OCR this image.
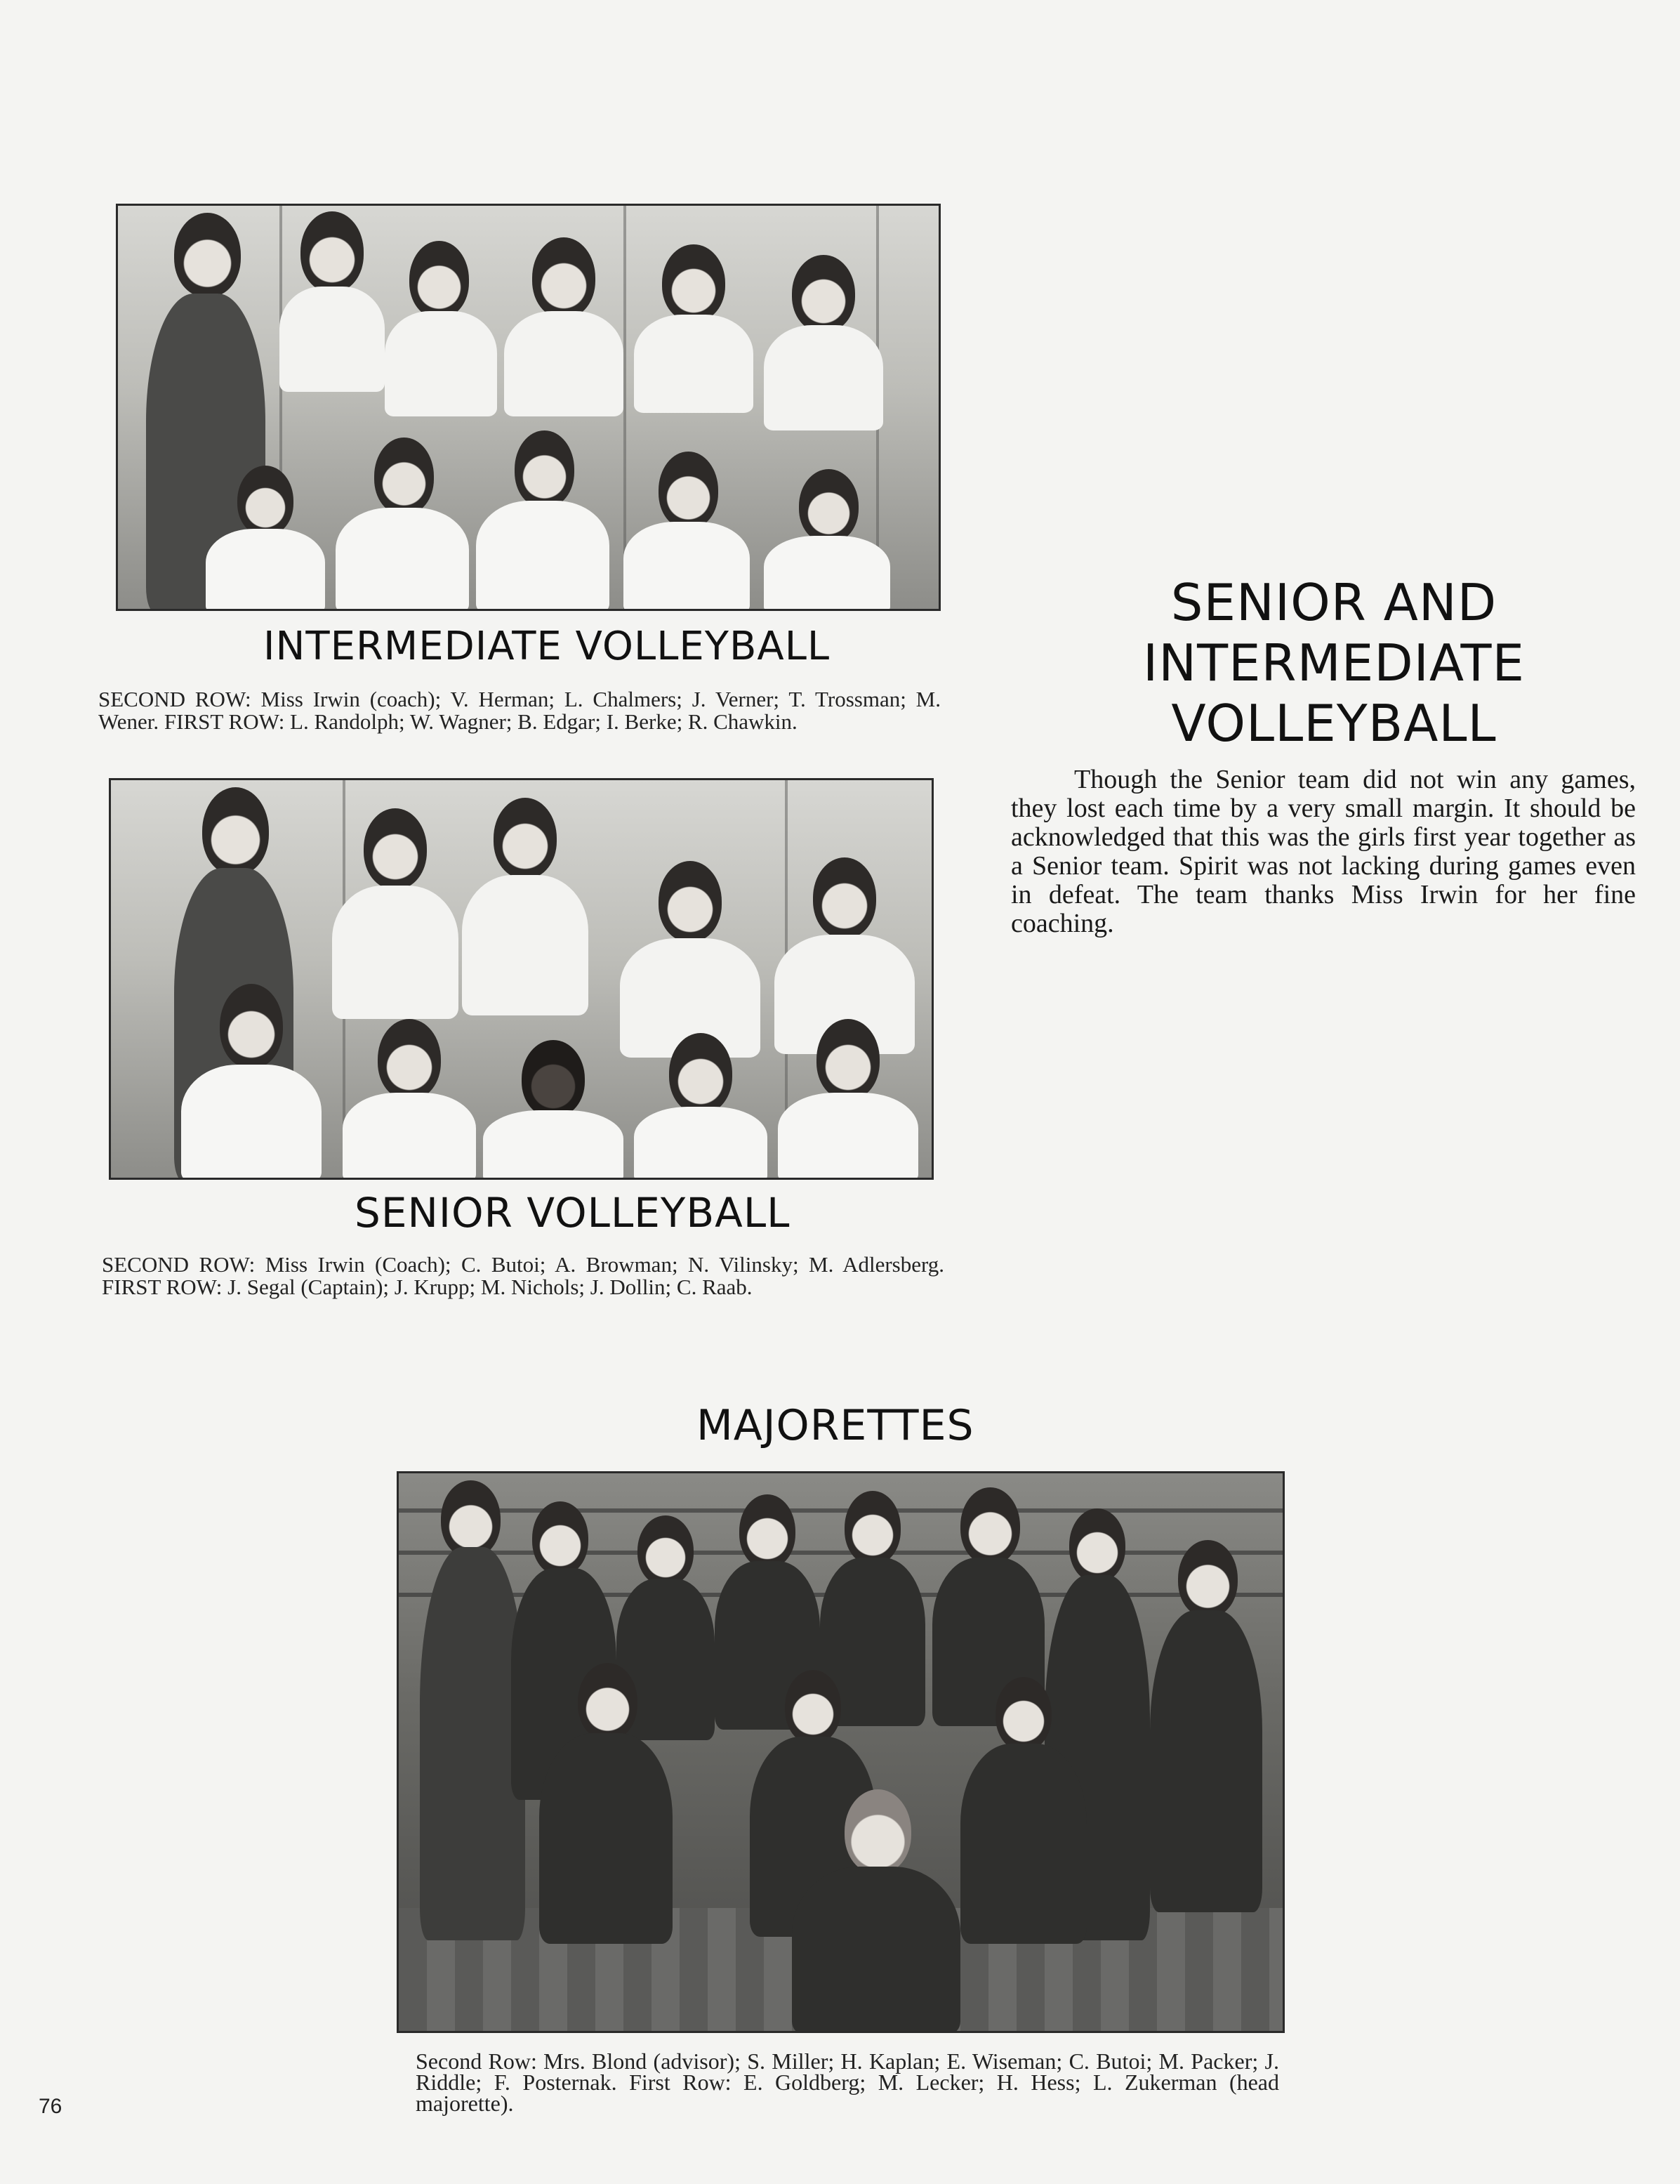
INTERMEDIATE VOLLEYBALL
SECOND ROW: Miss Irwin (coach); V. Herman; L. Chalmers; J. Verner; T. Trossman; M. Wener. FIRST ROW: L. Randolph; W. Wagner; B. Edgar; I. Berke; R. Chawkin.
SENIOR VOLLEYBALL
SECOND ROW: Miss Irwin (Coach); C. Butoi; A. Browman; N. Vilinsky; M. Adlersberg. FIRST ROW: J. Segal (Captain); J. Krupp; M. Nichols; J. Dollin; C. Raab.
SENIOR AND
INTERMEDIATE
VOLLEYBALL
Though the Senior team did not win any games, they lost each time by a very small margin. It should be acknowledged that this was the girls first year together as a Senior team. Spirit was not lacking during games even in defeat. The team thanks Miss Irwin for her fine coaching.
MAJORETTES
Second Row: Mrs. Blond (advisor); S. Miller; H. Kaplan; E. Wiseman; C. Butoi; M. Packer; J. Riddle; F. Posternak. First Row: E. Goldberg; M. Lecker; H. Hess; L. Zukerman (head majorette).
76
